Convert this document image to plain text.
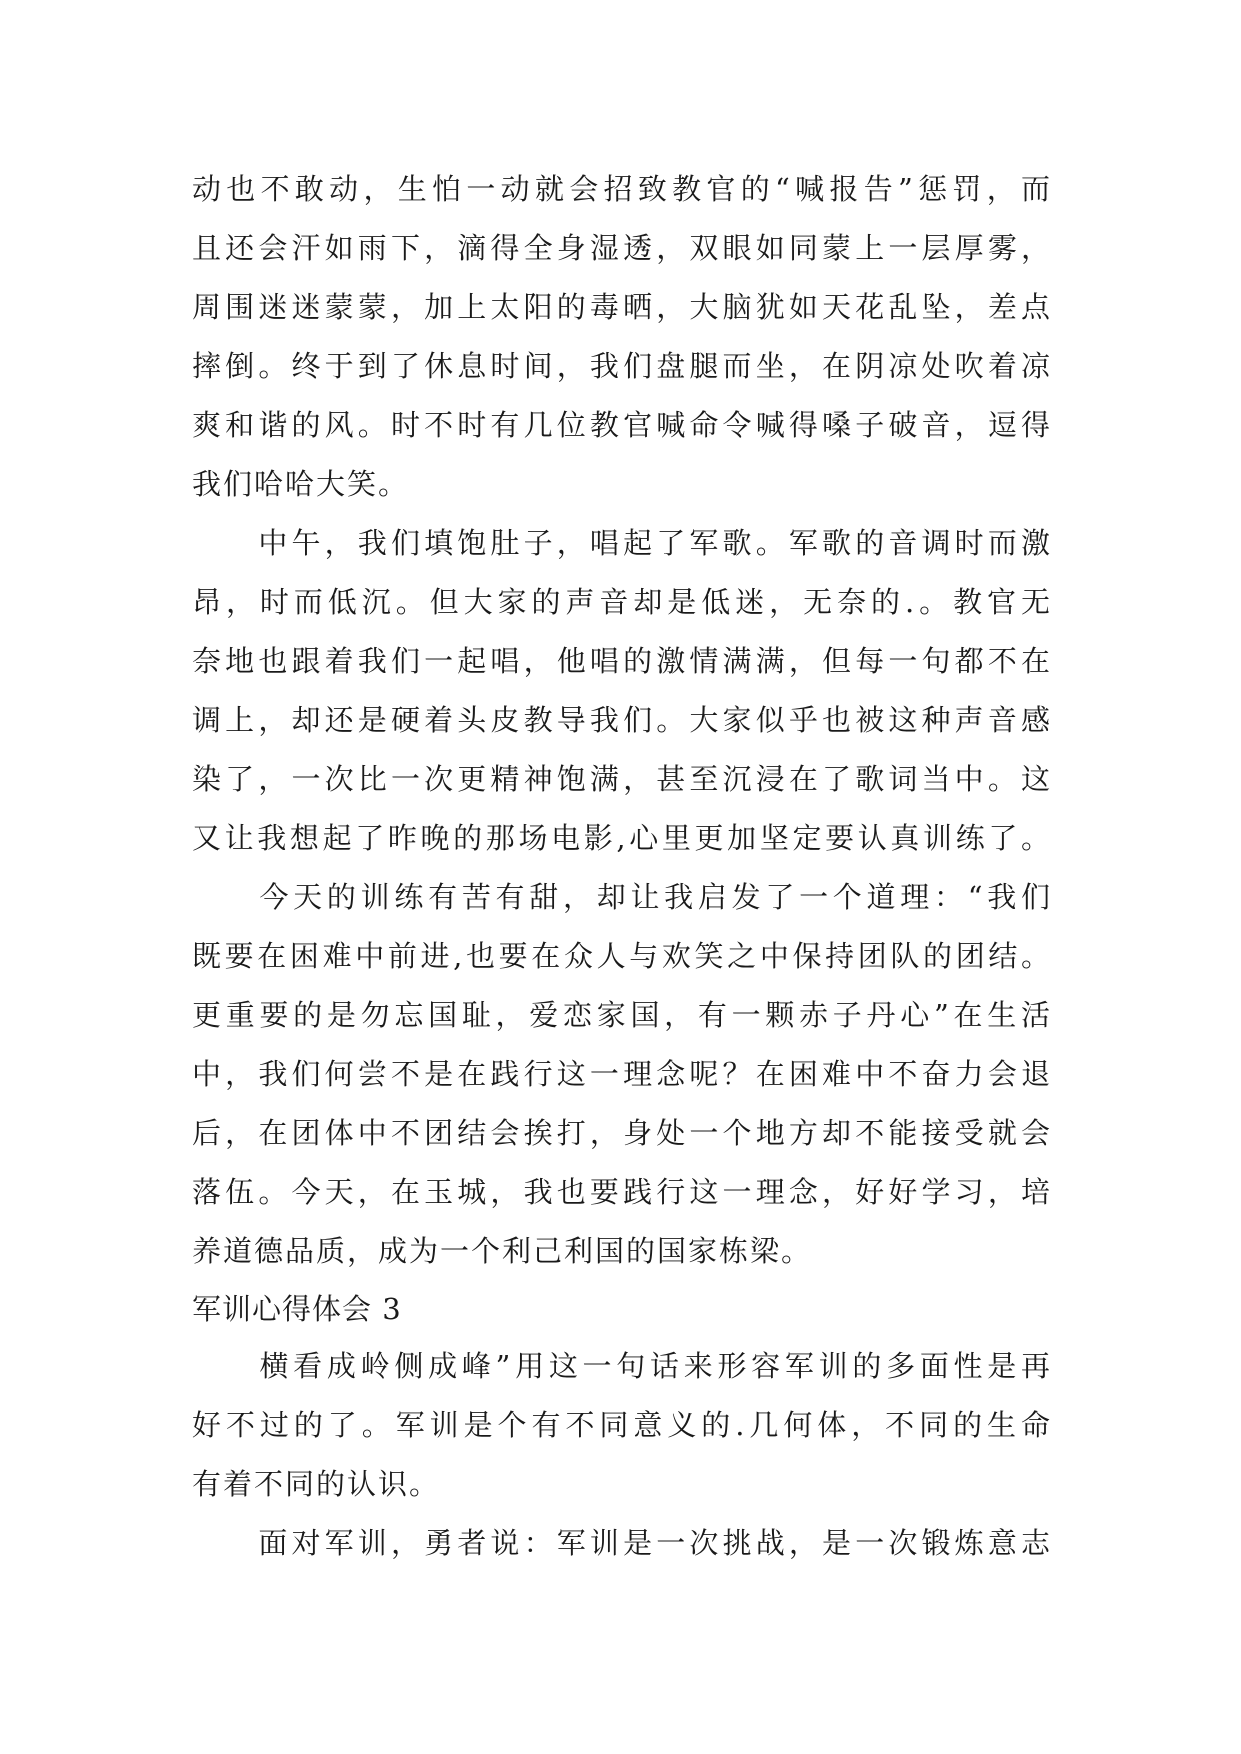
动也不敢动，生怕一动就会招致教官的“喊报告”惩罚，而
且还会汗如雨下，滴得全身湿透，双眼如同蒙上一层厚雾，
周围迷迷蒙蒙，加上太阳的毒晒，大脑犹如天花乱坠，差点
摔倒。终于到了休息时间，我们盘腿而坐，在阴凉处吹着凉
爽和谐的风。时不时有几位教官喊命令喊得嗓子破音，逗得
我们哈哈大笑。
　　中午，我们填饱肚子，唱起了军歌。军歌的音调时而激
昂，时而低沉。但大家的声音却是低迷，无奈的.。教官无
奈地也跟着我们一起唱，他唱的激情满满，但每一句都不在
调上，却还是硬着头皮教导我们。大家似乎也被这种声音感
染了，一次比一次更精神饱满，甚至沉浸在了歌词当中。这
又让我想起了昨晚的那场电影,心里更加坚定要认真训练了。
　　今天的训练有苦有甜，却让我启发了一个道理：“我们
既要在困难中前进,也要在众人与欢笑之中保持团队的团结。
更重要的是勿忘国耻，爱恋家国，有一颗赤子丹心”在生活
中，我们何尝不是在践行这一理念呢？在困难中不奋力会退
后，在团体中不团结会挨打，身处一个地方却不能接受就会
落伍。今天，在玉城，我也要践行这一理念，好好学习，培
养道德品质，成为一个利己利国的国家栋梁。
军训心得体会 3
　　横看成岭侧成峰”用这一句话来形容军训的多面性是再
好不过的了。军训是个有不同意义的.几何体，不同的生命
有着不同的认识。
　　面对军训，勇者说：军训是一次挑战，是一次锻炼意志
